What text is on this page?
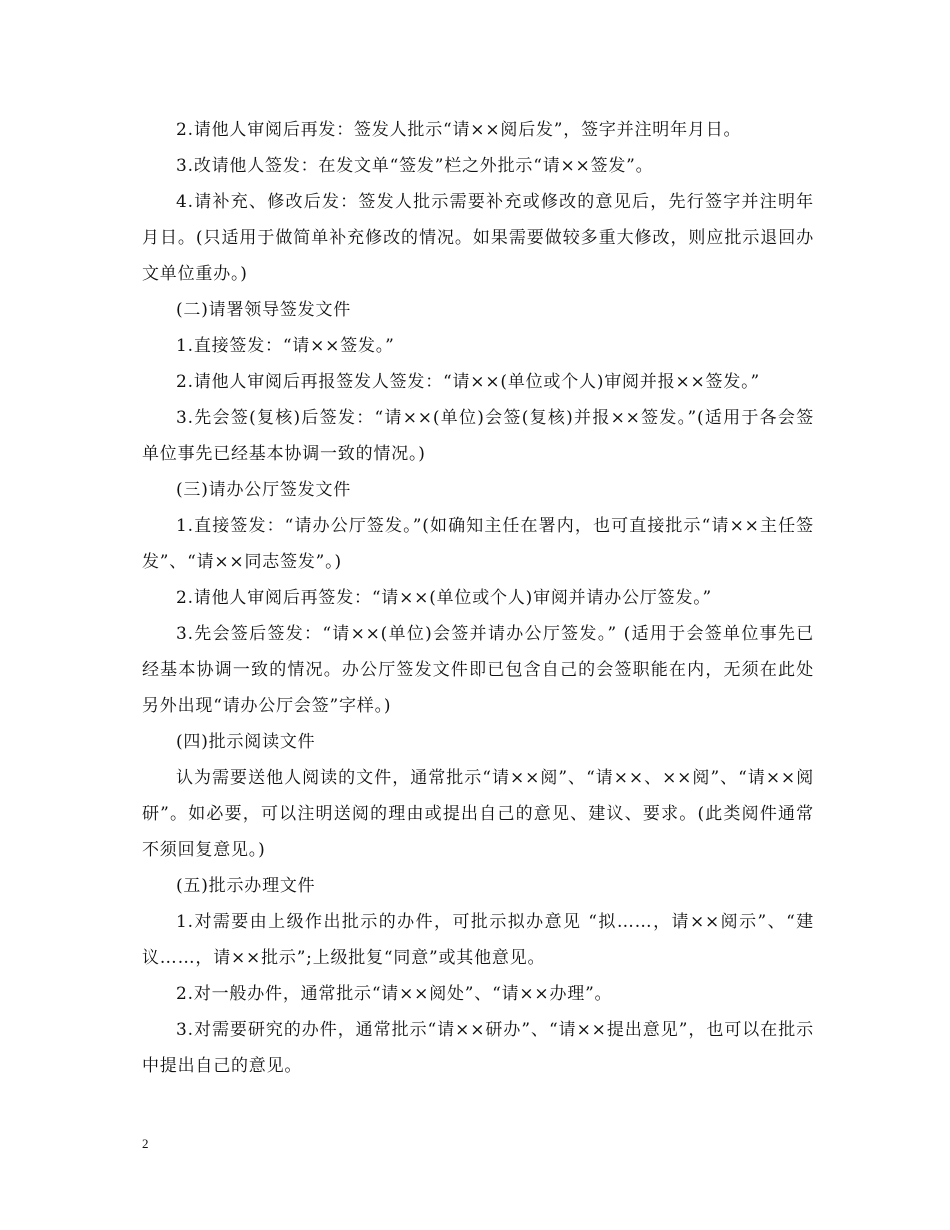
2.请他人审阅后再发：签发人批示“请××阅后发”，签字并注明年月日。

3.改请他人签发：在发文单“签发”栏之外批示“请××签发”。

4.请补充、修改后发：签发人批示需要补充或修改的意见后，先行签字并注明年月日。(只适用于做简单补充修改的情况。如果需要做较多重大修改，则应批示退回办文单位重办。)

(二)请署领导签发文件

1.直接签发：“请××签发。”

2.请他人审阅后再报签发人签发：“请××(单位或个人)审阅并报××签发。”

3.先会签(复核)后签发：“请××(单位)会签(复核)并报××签发。”(适用于各会签单位事先已经基本协调一致的情况。)

(三)请办公厅签发文件

1.直接签发：“请办公厅签发。”(如确知主任在署内，也可直接批示“请××主任签发”、“请××同志签发”。)

2.请他人审阅后再签发：“请××(单位或个人)审阅并请办公厅签发。”

3.先会签后签发：“请××(单位)会签并请办公厅签发。” (适用于会签单位事先已经基本协调一致的情况。办公厅签发文件即已包含自己的会签职能在内，无须在此处另外出现“请办公厅会签”字样。)

(四)批示阅读文件

认为需要送他人阅读的文件，通常批示“请××阅”、“请××、××阅”、“请××阅研”。如必要，可以注明送阅的理由或提出自己的意见、建议、要求。(此类阅件通常不须回复意见。)

(五)批示办理文件

1.对需要由上级作出批示的办件，可批示拟办意见 “拟……，请××阅示”、“建议……，请××批示”;上级批复“同意”或其他意见。

2.对一般办件，通常批示“请××阅处”、“请××办理”。

3.对需要研究的办件，通常批示“请××研办”、“请××提出意见”，也可以在批示中提出自己的意见。

2
